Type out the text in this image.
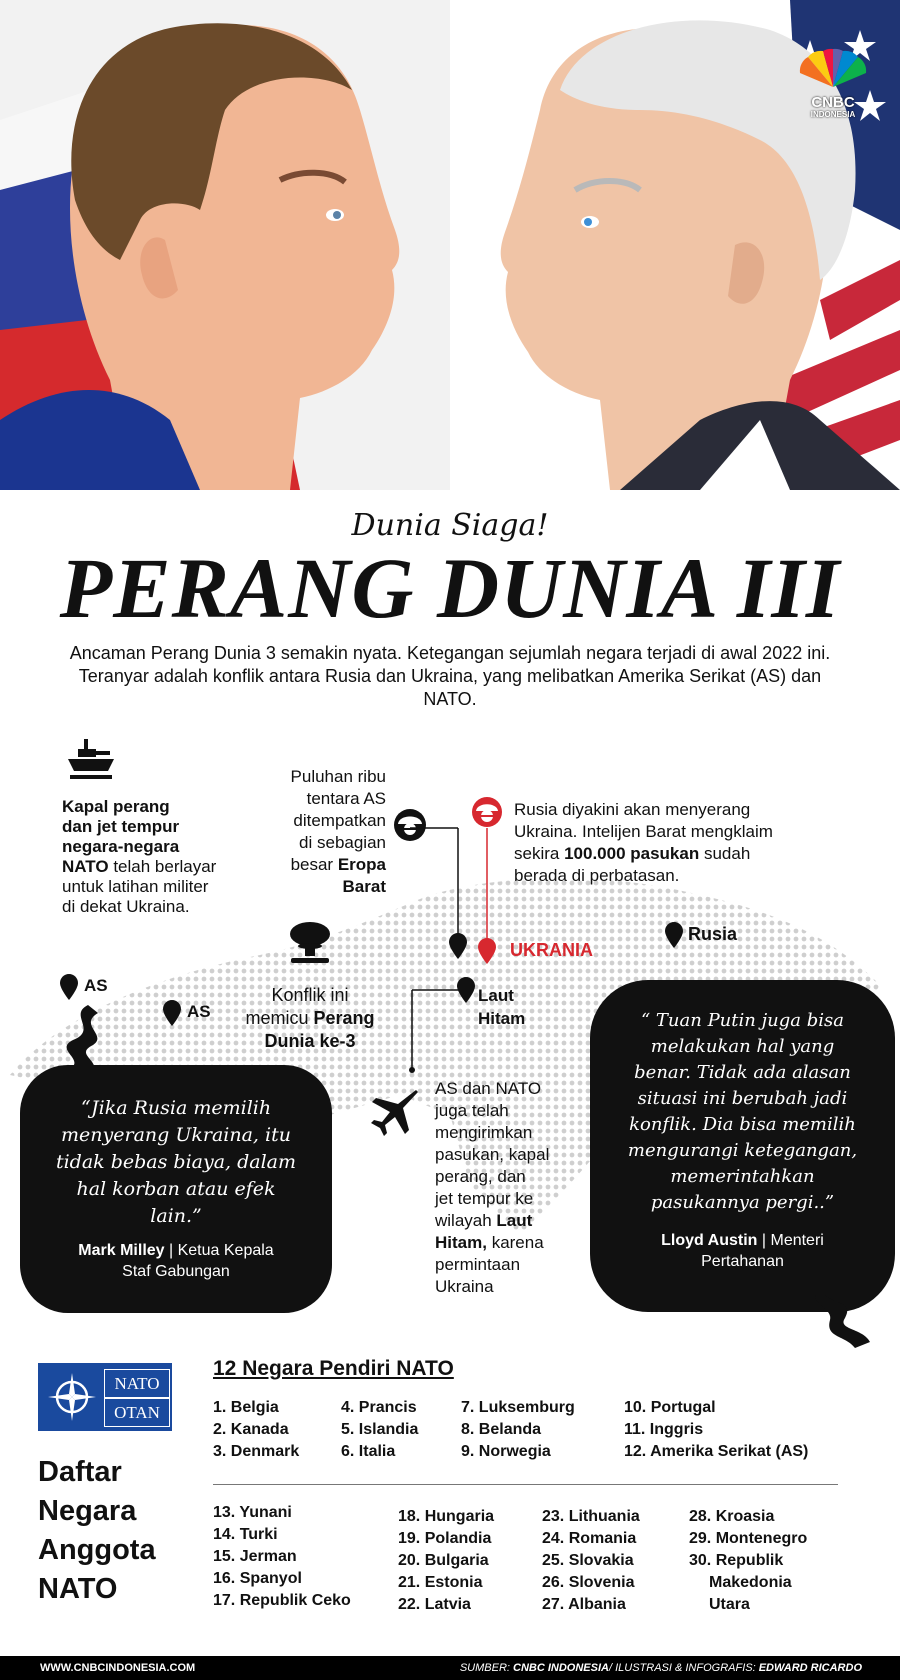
CNBC
INDONESIA
Dunia Siaga!
PERANG DUNIA III
Ancaman Perang Dunia 3 semakin nyata. Ketegangan sejumlah negara terjadi di awal 2022 ini. Teranyar adalah konflik antara Rusia dan Ukraina, yang melibatkan Amerika Serikat (AS) dan NATO.
AS
AS
UKRANIA
Rusia
Laut
Hitam
Kapal perang
dan jet tempur
negara-negara
NATO telah berlayar
untuk latihan militer
di dekat Ukraina.
Puluhan ribu
tentara AS
ditempatkan
di sebagian
besar Eropa
Barat
Rusia diyakini akan menyerang
Ukraina. Intelijen Barat mengklaim
sekira 100.000 pasukan sudah
berada di perbatasan.
Konflik ini
memicu Perang
Dunia ke-3
AS dan NATO
juga telah
mengirimkan
pasukan, kapal
perang, dan
jet tempur ke
wilayah Laut
Hitam, karena
permintaan
Ukraina
“Jika Rusia memilih
menyerang Ukraina, itu
tidak bebas biaya, dalam
hal korban atau efek
lain.”
Mark Milley | Ketua Kepala
Staf Gabungan
“ Tuan Putin juga bisa
melakukan hal yang
benar. Tidak ada alasan
situasi ini berubah jadi
konflik. Dia bisa memilih
mengurangi ketegangan,
memerintahkan
pasukannya pergi..”
Lloyd Austin | Menteri
Pertahanan
NATO
OTAN
Daftar
Negara
Anggota
NATO
12 Negara Pendiri NATO
1. Belgia
2. Kanada
3. Denmark
4. Prancis
5. Islandia
6. Italia
7. Luksemburg
8. Belanda
9. Norwegia
10. Portugal
11. Inggris
12. Amerika Serikat (AS)
13. Yunani
14. Turki
15. Jerman
16. Spanyol
17. Republik Ceko
18. Hungaria
19. Polandia
20. Bulgaria
21. Estonia
22. Latvia
23. Lithuania
24. Romania
25. Slovakia
26. Slovenia
27. Albania
28. Kroasia
29. Montenegro
30. Republik
Makedonia
Utara
WWW.CNBCINDONESIA.COM	SUMBER: CNBC INDONESIA/ ILUSTRASI & INFOGRAFIS: EDWARD RICARDO
